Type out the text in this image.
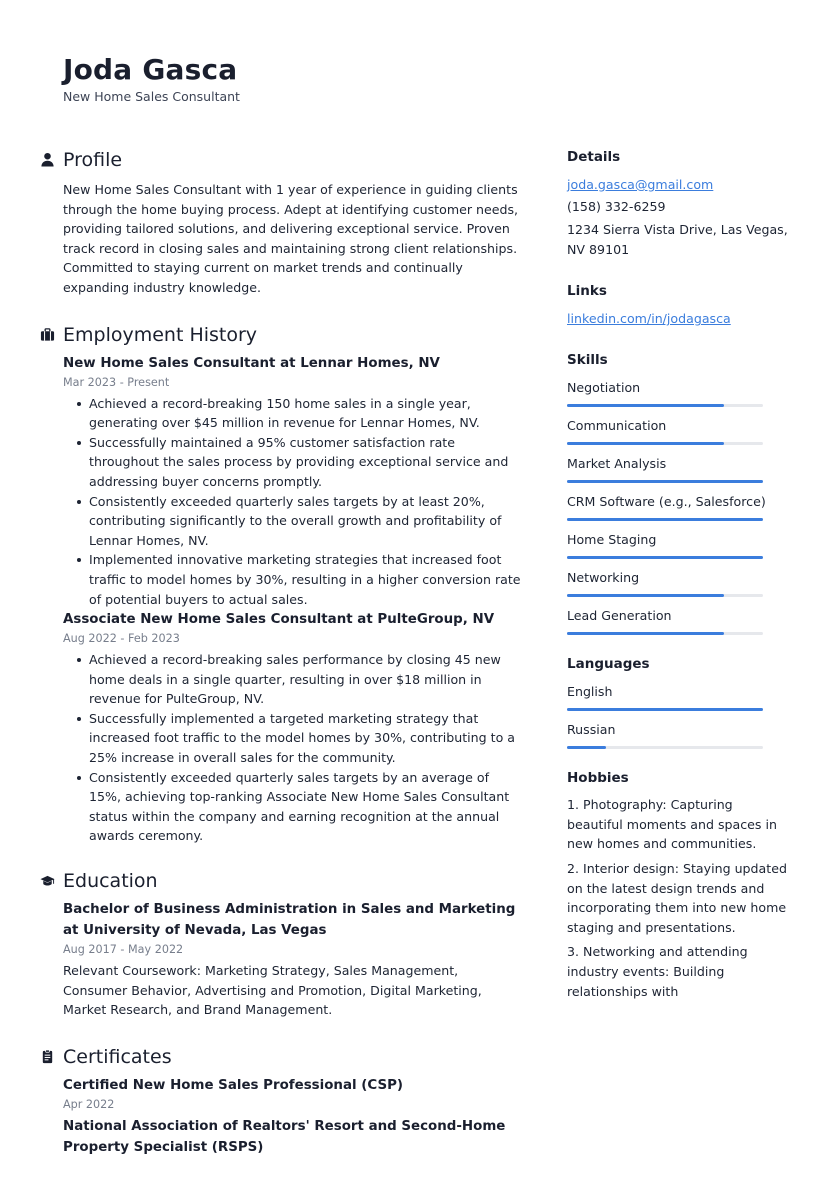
Joda Gasca
New Home Sales Consultant
Profile
New Home Sales Consultant with 1 year of experience in guiding clients through the home buying process. Adept at identifying customer needs, providing tailored solutions, and delivering exceptional service. Proven track record in closing sales and maintaining strong client relationships. Committed to staying current on market trends and continually expanding industry knowledge.
Employment History
New Home Sales Consultant at Lennar Homes, NV
Mar 2023 - Present
Achieved a record-breaking 150 home sales in a single year, generating over $45 million in revenue for Lennar Homes, NV.
Successfully maintained a 95% customer satisfaction rate throughout the sales process by providing exceptional service and addressing buyer concerns promptly.
Consistently exceeded quarterly sales targets by at least 20%, contributing significantly to the overall growth and profitability of Lennar Homes, NV.
Implemented innovative marketing strategies that increased foot traffic to model homes by 30%, resulting in a higher conversion rate of potential buyers to actual sales.
Associate New Home Sales Consultant at PulteGroup, NV
Aug 2022 - Feb 2023
Achieved a record-breaking sales performance by closing 45 new home deals in a single quarter, resulting in over $18 million in revenue for PulteGroup, NV.
Successfully implemented a targeted marketing strategy that increased foot traffic to the model homes by 30%, contributing to a 25% increase in overall sales for the community.
Consistently exceeded quarterly sales targets by an average of 15%, achieving top-ranking Associate New Home Sales Consultant status within the company and earning recognition at the annual awards ceremony.
Education
Bachelor of Business Administration in Sales and Marketing at University of Nevada, Las Vegas
Aug 2017 - May 2022
Relevant Coursework: Marketing Strategy, Sales Management, Consumer Behavior, Advertising and Promotion, Digital Marketing, Market Research, and Brand Management.
Certificates
Certified New Home Sales Professional (CSP)
Apr 2022
National Association of Realtors' Resort and Second-Home Property Specialist (RSPS)
Details
joda.gasca@gmail.com
(158) 332-6259
1234 Sierra Vista Drive, Las Vegas, NV 89101
Links
linkedin.com/in/jodagasca
Skills
Negotiation
Communication
Market Analysis
CRM Software (e.g., Salesforce)
Home Staging
Networking
Lead Generation
Languages
English
Russian
Hobbies
1. Photography: Capturing beautiful moments and spaces in new homes and communities.
2. Interior design: Staying updated on the latest design trends and incorporating them into new home staging and presentations.
3. Networking and attending industry events: Building relationships with
